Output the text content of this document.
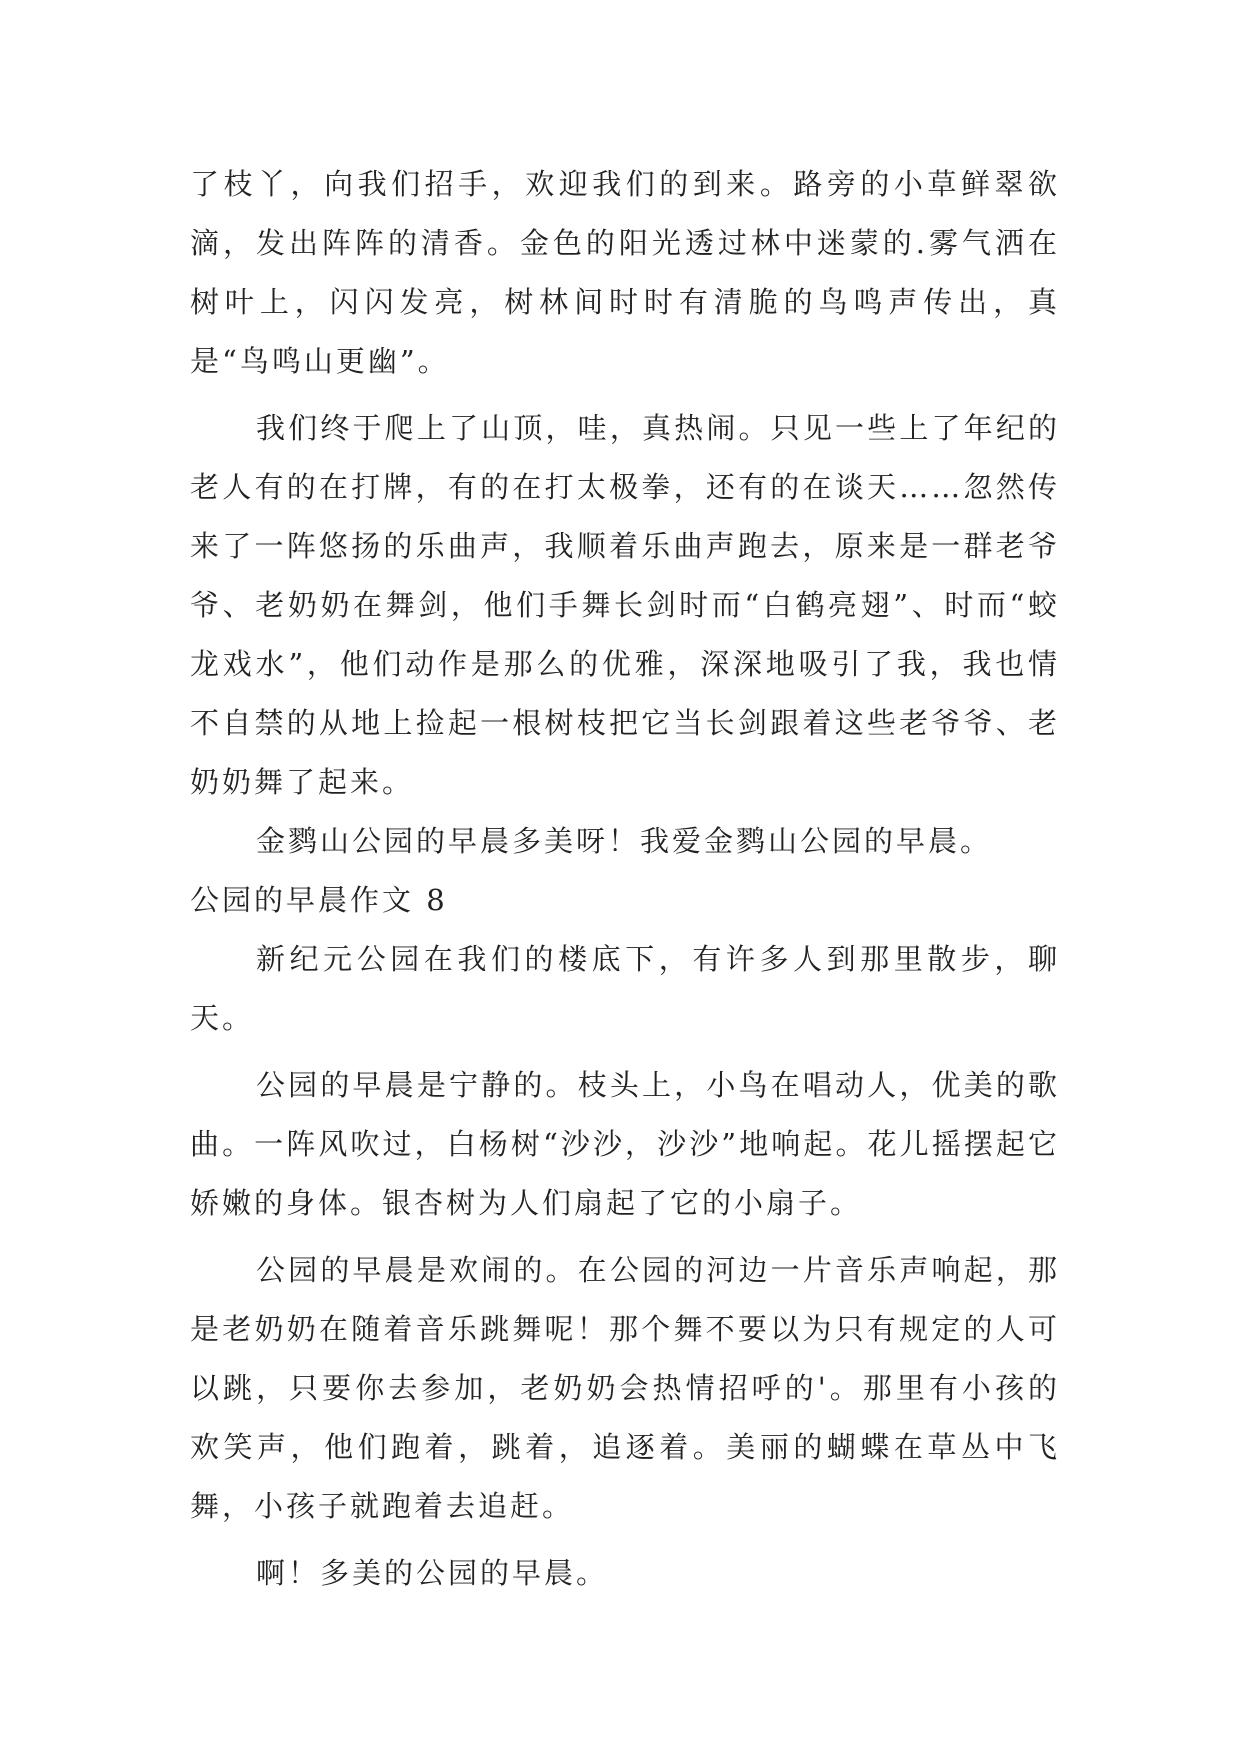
了枝丫，向我们招手，欢迎我们的到来。路旁的小草鲜翠欲滴，发出阵阵的清香。金色的阳光透过林中迷蒙的.雾气洒在树叶上，闪闪发亮，树林间时时有清脆的鸟鸣声传出，真是“鸟鸣山更幽”。

我们终于爬上了山顶，哇，真热闹。只见一些上了年纪的老人有的在打牌，有的在打太极拳，还有的在谈天……忽然传来了一阵悠扬的乐曲声，我顺着乐曲声跑去，原来是一群老爷爷、老奶奶在舞剑，他们手舞长剑时而“白鹤亮翅”、时而“蛟龙戏水”，他们动作是那么的优雅，深深地吸引了我，我也情不自禁的从地上捡起一根树枝把它当长剑跟着这些老爷爷、老奶奶舞了起来。

金鹨山公园的早晨多美呀！我爱金鹨山公园的早晨。

公园的早晨作文 8

新纪元公园在我们的楼底下，有许多人到那里散步，聊天。

公园的早晨是宁静的。枝头上，小鸟在唱动人，优美的歌曲。一阵风吹过，白杨树“沙沙，沙沙”地响起。花儿摇摆起它娇嫩的身体。银杏树为人们扇起了它的小扇子。

公园的早晨是欢闹的。在公园的河边一片音乐声响起，那是老奶奶在随着音乐跳舞呢！那个舞不要以为只有规定的人可以跳，只要你去参加，老奶奶会热情招呼的'。那里有小孩的欢笑声，他们跑着，跳着，追逐着。美丽的蝴蝶在草丛中飞舞，小孩子就跑着去追赶。

啊！多美的公园的早晨。
